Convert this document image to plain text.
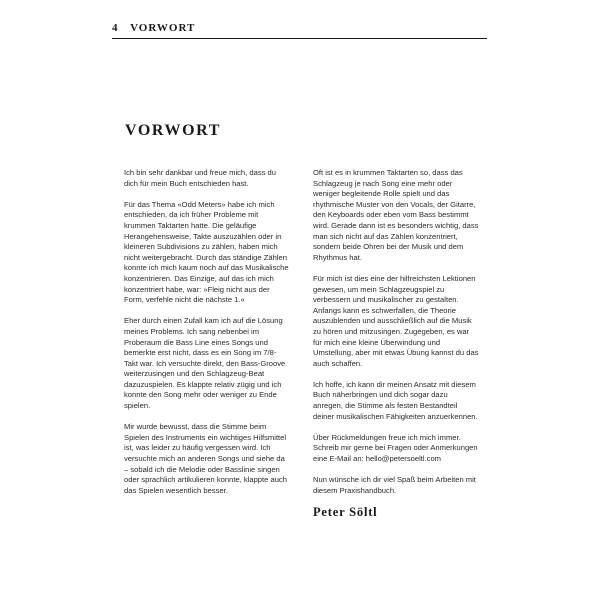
4 VORWORT
VORWORT

Ich bin sehr dankbar und freue mich, dass du dich für mein Buch entschieden hast.

Für das Thema «Odd Meters» habe ich mich entschieden, da ich früher Probleme mit krummen Taktarten hatte. Die geläufige Herangehensweise, Takte auszuzählen oder in kleineren Subdivisions zu zählen, haben mich nicht weitergebracht. Durch das ständige Zählen konnte ich mich kaum noch auf das Musikalische konzentrieren. Das Einzige, auf das ich mich konzentriert habe, war: »Fleig nicht aus der Form, verfehle nicht die nächste 1.«

Eher durch einen Zufall kam ich auf die Lösung meines Problems. Ich sang nebenbei im Proberaum die Bass Line eines Songs und bemerkte erst nicht, dass es ein Song im 7/8-Takt war. Ich versuchte direkt, den Bass-Groove weiterzusingen und den Schlagzeug-Beat dazuzuspielen. Es klappte relativ zügig und ich konnte den Song mehr oder weniger zu Ende spielen.

Mir wurde bewusst, dass die Stimme beim Spielen des Instruments ein wichtiges Hilfsmittel ist, was leider zu häufig vergessen wird. Ich versuchte mich an anderen Songs und siehe da – sobald ich die Melodie oder Basslinie singen oder sprachlich artikulieren konnte, klappte auch das Spielen wesentlich besser.

Oft ist es in krummen Taktarten so, dass das Schlagzeug je nach Song eine mehr oder weniger begleitende Rolle spielt und das rhythmische Muster von den Vocals, der Gitarre, den Keyboards oder eben vom Bass bestimmt wird. Gerade dann ist es besonders wichtig, dass man sich nicht auf das Zählen konzentriert, sondern beide Ohren bei der Musik und dem Rhythmus hat.

Für mich ist dies eine der hilfreichsten Lektionen gewesen, um mein Schlagzeugspiel zu verbessern und musikalischer zu gestalten. Anfangs kann es schwerfallen, die Theorie auszublenden und ausschließlich auf die Musik zu hören und mitzusingen. Zugegeben, es war für mich eine kleine Überwindung und Umstellung, aber mit etwas Übung kannst du das auch schaffen.

Ich hoffe, ich kann dir meinen Ansatz mit diesem Buch näherbringen und dich sogar dazu anregen, die Stimme als festen Bestandteil deiner musikalischen Fähigkeiten anzuerkennen.

Über Rückmeldungen freue ich mich immer. Schreib mir gerne bei Fragen oder Anmerkungen eine E-Mail an: hello@petersoeltl.com

Nun wünsche ich dir viel Spaß beim Arbeiten mit diesem Praxishandbuch.

Peter Söltl
